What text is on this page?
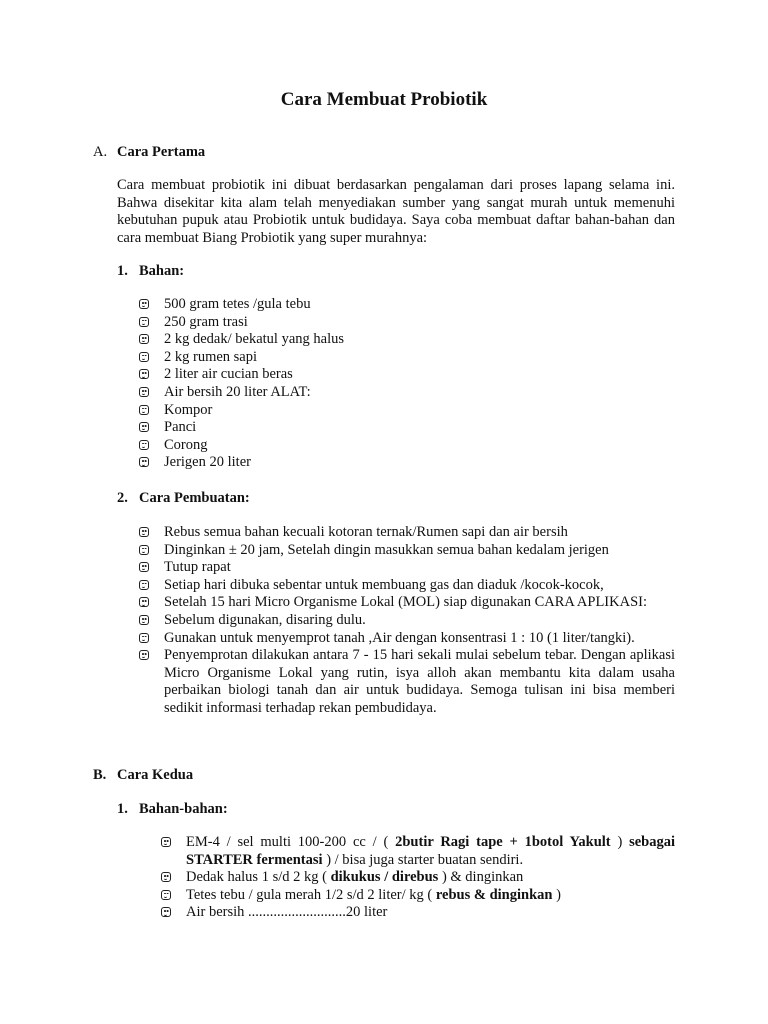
Cara Membuat Probiotik
A. Cara Pertama
Cara membuat probiotik ini dibuat berdasarkan pengalaman dari proses lapang selama ini. Bahwa disekitar kita alam telah menyediakan sumber yang sangat murah untuk memenuhi kebutuhan pupuk atau Probiotik untuk budidaya. Saya coba membuat daftar bahan-bahan dan cara membuat Biang Probiotik yang super murahnya:
1. Bahan:
500 gram tetes /gula tebu
250 gram trasi
2 kg dedak/ bekatul yang halus
2 kg rumen sapi
2 liter air cucian beras
Air bersih 20 liter ALAT:
Kompor
Panci
Corong
Jerigen 20 liter
2. Cara Pembuatan:
Rebus semua bahan kecuali kotoran ternak/Rumen sapi dan air bersih
Dinginkan ± 20 jam, Setelah dingin masukkan semua bahan kedalam jerigen
Tutup rapat
Setiap hari dibuka sebentar untuk membuang gas dan diaduk /kocok-kocok,
Setelah 15 hari Micro Organisme Lokal (MOL) siap digunakan CARA APLIKASI:
Sebelum digunakan, disaring dulu.
Gunakan untuk menyemprot tanah ,Air dengan konsentrasi 1 : 10 (1 liter/tangki).
Penyemprotan dilakukan antara 7 - 15 hari sekali mulai sebelum tebar. Dengan aplikasi Micro Organisme Lokal yang rutin, isya alloh akan membantu kita dalam usaha perbaikan biologi tanah dan air untuk budidaya. Semoga tulisan ini bisa memberi sedikit informasi terhadap rekan pembudidaya.
B. Cara Kedua
1. Bahan-bahan:
EM-4 / sel multi 100-200 cc / ( 2butir Ragi tape + 1botol Yakult ) sebagai STARTER fermentasi ) / bisa juga starter buatan sendiri.
Dedak halus 1 s/d 2 kg ( dikukus / direbus ) & dinginkan
Tetes tebu / gula merah 1/2 s/d 2 liter/ kg ( rebus & dinginkan )
Air bersih ...........................20 liter
